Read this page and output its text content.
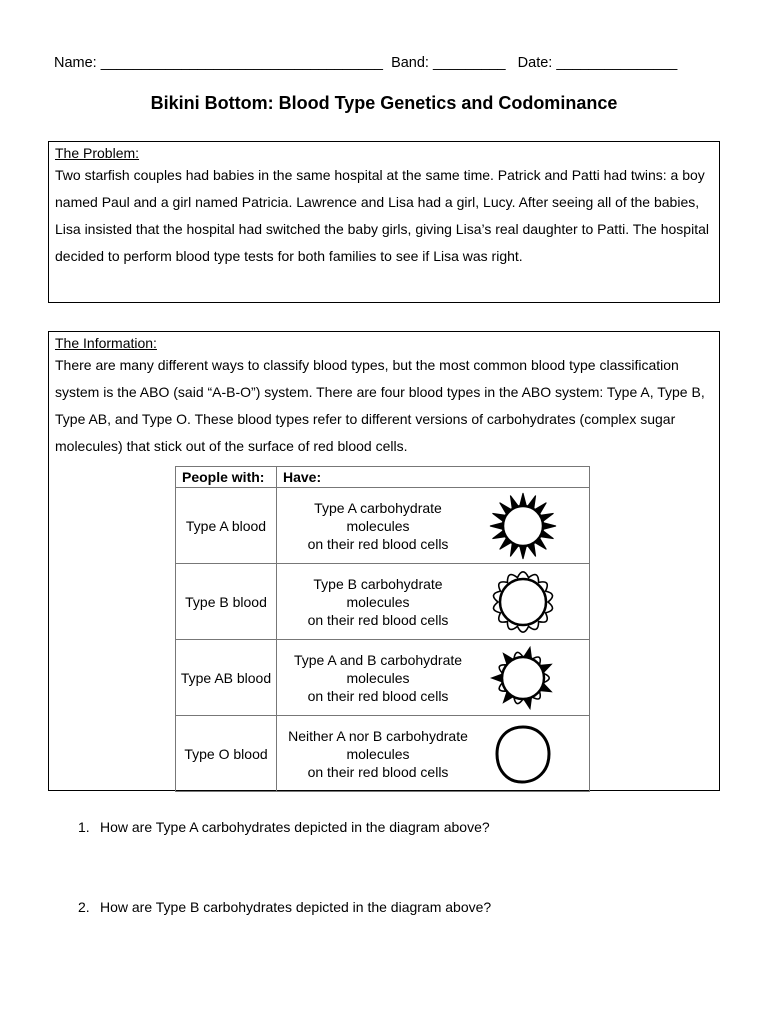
Name: ___________________________________ Band: _________ Date: _______________
Bikini Bottom: Blood Type Genetics and Codominance
The Problem:
Two starfish couples had babies in the same hospital at the same time. Patrick and Patti had twins: a boy named Paul and a girl named Patricia. Lawrence and Lisa had a girl, Lucy. After seeing all of the babies, Lisa insisted that the hospital had switched the baby girls, giving Lisa’s real daughter to Patti. The hospital decided to perform blood type tests for both families to see if Lisa was right.
The Information:
There are many different ways to classify blood types, but the most common blood type classification system is the ABO (said “A-B-O”) system. There are four blood types in the ABO system: Type A, Type B, Type AB, and Type O. These blood types refer to different versions of carbohydrates (complex sugar molecules) that stick out of the surface of red blood cells.
People with:	Have:
Type A blood	Type A carbohydrate
molecules
on their red blood cells

Type B blood	Type B carbohydrate
molecules
on their red blood cells

Type AB blood	Type A and B carbohydrate
molecules
on their red blood cells

Type O blood	Neither A nor B carbohydrate
molecules
on their red blood cells
1. How are Type A carbohydrates depicted in the diagram above?
2. How are Type B carbohydrates depicted in the diagram above?
